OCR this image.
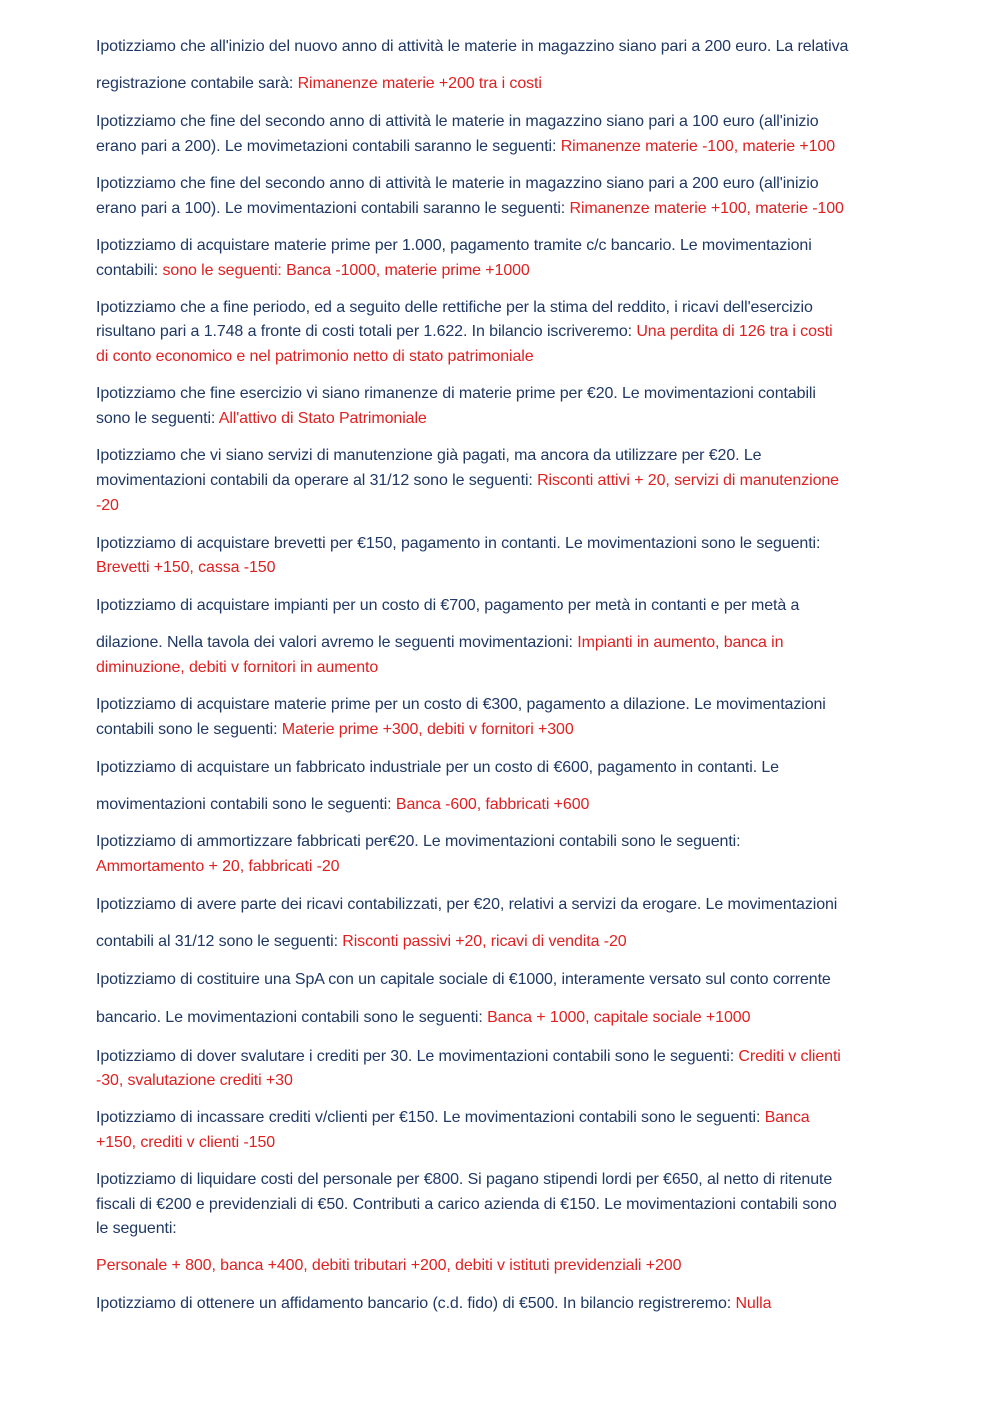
Ipotizziamo che all'inizio del nuovo anno di attività le materie in magazzino siano pari a 200 euro. La relativa
registrazione contabile sarà: Rimanenze materie +200 tra i costi
Ipotizziamo che fine del secondo anno di attività le materie in magazzino siano pari a 100 euro (all'inizio
erano pari a 200). Le movimetazioni contabili saranno le seguenti: Rimanenze materie -100, materie +100
Ipotizziamo che fine del secondo anno di attività le materie in magazzino siano pari a 200 euro (all'inizio
erano pari a 100). Le movimentazioni contabili saranno le seguenti: Rimanenze materie +100, materie -100
Ipotizziamo di acquistare materie prime per 1.000, pagamento tramite c/c bancario. Le movimentazioni
contabili: sono le seguenti: Banca -1000, materie prime +1000
Ipotizziamo che a fine periodo, ed a seguito delle rettifiche per la stima del reddito, i ricavi dell'esercizio
risultano pari a 1.748 a fronte di costi totali per 1.622. In bilancio iscriveremo: Una perdita di 126 tra i costi
di conto economico e nel patrimonio netto di stato patrimoniale
Ipotizziamo che fine esercizio vi siano rimanenze di materie prime per €20. Le movimentazioni contabili
sono le seguenti: All'attivo di Stato Patrimoniale
Ipotizziamo che vi siano servizi di manutenzione già pagati, ma ancora da utilizzare per €20. Le
movimentazioni contabili da operare al 31/12 sono le seguenti: Risconti attivi + 20, servizi di manutenzione
-20
Ipotizziamo di acquistare brevetti per €150, pagamento in contanti. Le movimentazioni sono le seguenti:
Brevetti +150, cassa -150
Ipotizziamo di acquistare impianti per un costo di €700, pagamento per metà in contanti e per metà a
dilazione. Nella tavola dei valori avremo le seguenti movimentazioni: Impianti in aumento, banca in
diminuzione, debiti v fornitori in aumento
Ipotizziamo di acquistare materie prime per un costo di €300, pagamento a dilazione. Le movimentazioni
contabili sono le seguenti: Materie prime +300, debiti v fornitori +300
Ipotizziamo di acquistare un fabbricato industriale per un costo di €600, pagamento in contanti. Le
movimentazioni contabili sono le seguenti: Banca -600, fabbricati +600
Ipotizziamo di ammortizzare fabbricati per€20. Le movimentazioni contabili sono le seguenti:
Ammortamento + 20, fabbricati -20
Ipotizziamo di avere parte dei ricavi contabilizzati, per €20, relativi a servizi da erogare. Le movimentazioni
contabili al 31/12 sono le seguenti: Risconti passivi +20, ricavi di vendita -20
Ipotizziamo di costituire una SpA con un capitale sociale di €1000, interamente versato sul conto corrente
bancario. Le movimentazioni contabili sono le seguenti: Banca + 1000, capitale sociale +1000
Ipotizziamo di dover svalutare i crediti per 30. Le movimentazioni contabili sono le seguenti: Crediti v clienti
-30, svalutazione crediti +30
Ipotizziamo di incassare crediti v/clienti per €150. Le movimentazioni contabili sono le seguenti: Banca
+150, crediti v clienti -150
Ipotizziamo di liquidare costi del personale per €800. Si pagano stipendi lordi per €650, al netto di ritenute
fiscali di €200 e previdenziali di €50. Contributi a carico azienda di €150. Le movimentazioni contabili sono
le seguenti:
Personale + 800, banca +400, debiti tributari +200, debiti v istituti previdenziali +200
Ipotizziamo di ottenere un affidamento bancario (c.d. fido) di €500. In bilancio registreremo: Nulla
